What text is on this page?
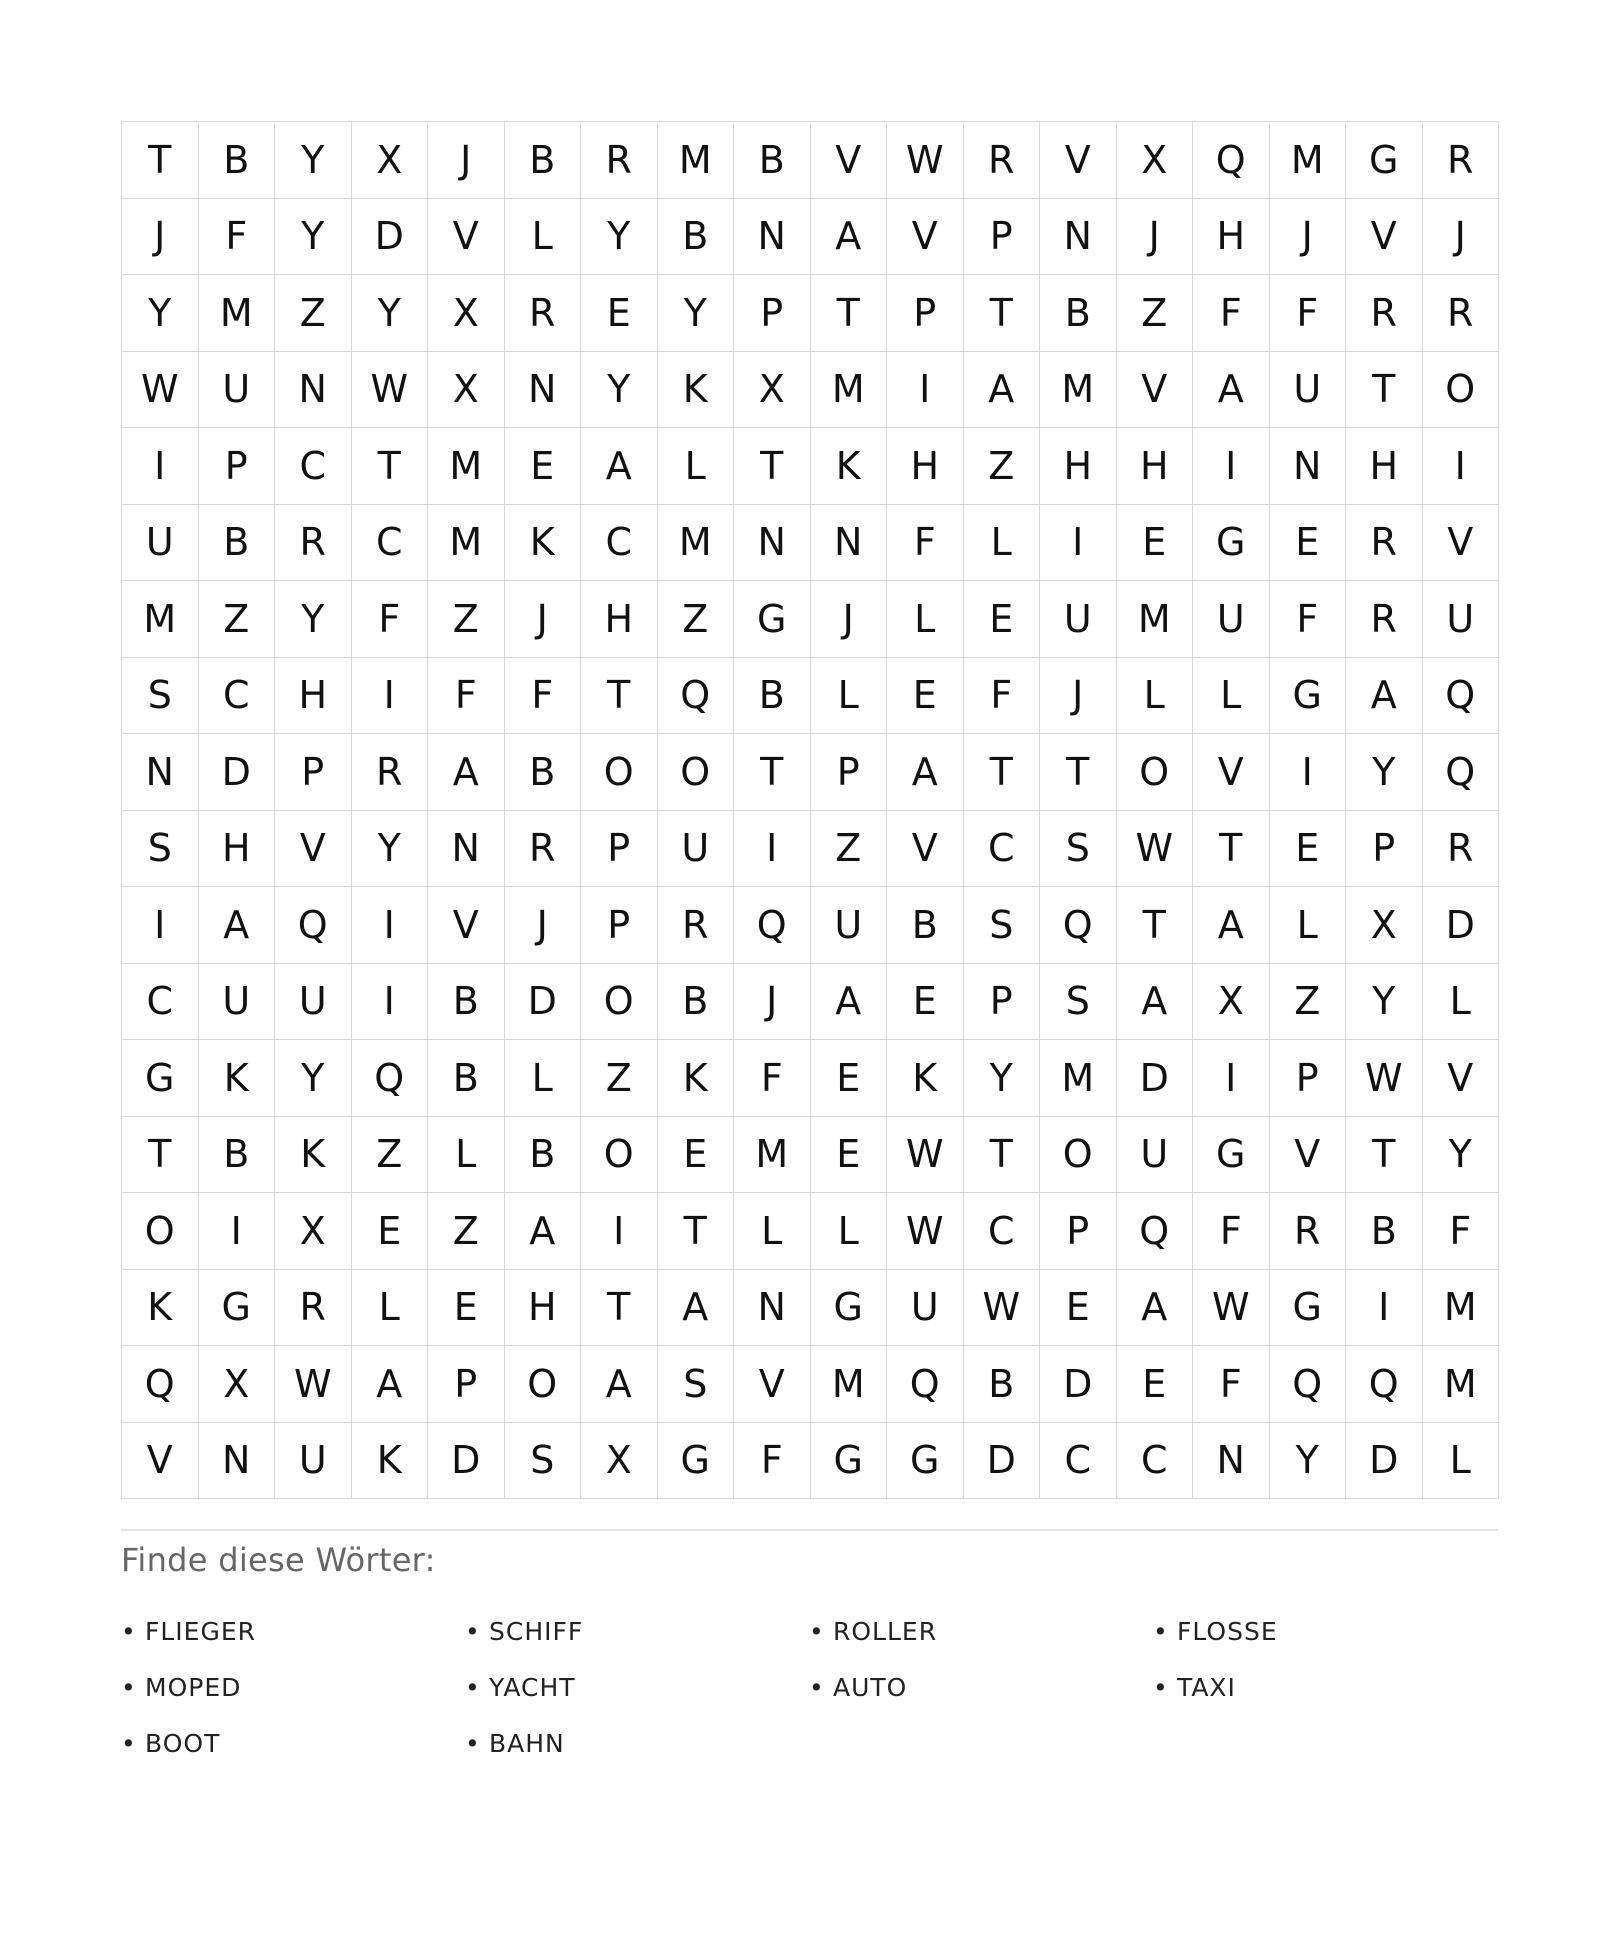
T	B	Y	X	J	B	R	M	B	V	W	R	V	X	Q	M	G	R
J	F	Y	D	V	L	Y	B	N	A	V	P	N	J	H	J	V	J
Y	M	Z	Y	X	R	E	Y	P	T	P	T	B	Z	F	F	R	R
W	U	N	W	X	N	Y	K	X	M	I	A	M	V	A	U	T	O
I	P	C	T	M	E	A	L	T	K	H	Z	H	H	I	N	H	I
U	B	R	C	M	K	C	M	N	N	F	L	I	E	G	E	R	V
M	Z	Y	F	Z	J	H	Z	G	J	L	E	U	M	U	F	R	U
S	C	H	I	F	F	T	Q	B	L	E	F	J	L	L	G	A	Q
N	D	P	R	A	B	O	O	T	P	A	T	T	O	V	I	Y	Q
S	H	V	Y	N	R	P	U	I	Z	V	C	S	W	T	E	P	R
I	A	Q	I	V	J	P	R	Q	U	B	S	Q	T	A	L	X	D
C	U	U	I	B	D	O	B	J	A	E	P	S	A	X	Z	Y	L
G	K	Y	Q	B	L	Z	K	F	E	K	Y	M	D	I	P	W	V
T	B	K	Z	L	B	O	E	M	E	W	T	O	U	G	V	T	Y
O	I	X	E	Z	A	I	T	L	L	W	C	P	Q	F	R	B	F
K	G	R	L	E	H	T	A	N	G	U	W	E	A	W	G	I	M
Q	X	W	A	P	O	A	S	V	M	Q	B	D	E	F	Q	Q	M
V	N	U	K	D	S	X	G	F	G	G	D	C	C	N	Y	D	L
Finde diese Wörter:
• FLIEGER	• SCHIFF	• ROLLER	• FLOSSE
• MOPED	• YACHT	• AUTO	• TAXI
• BOOT	• BAHN
